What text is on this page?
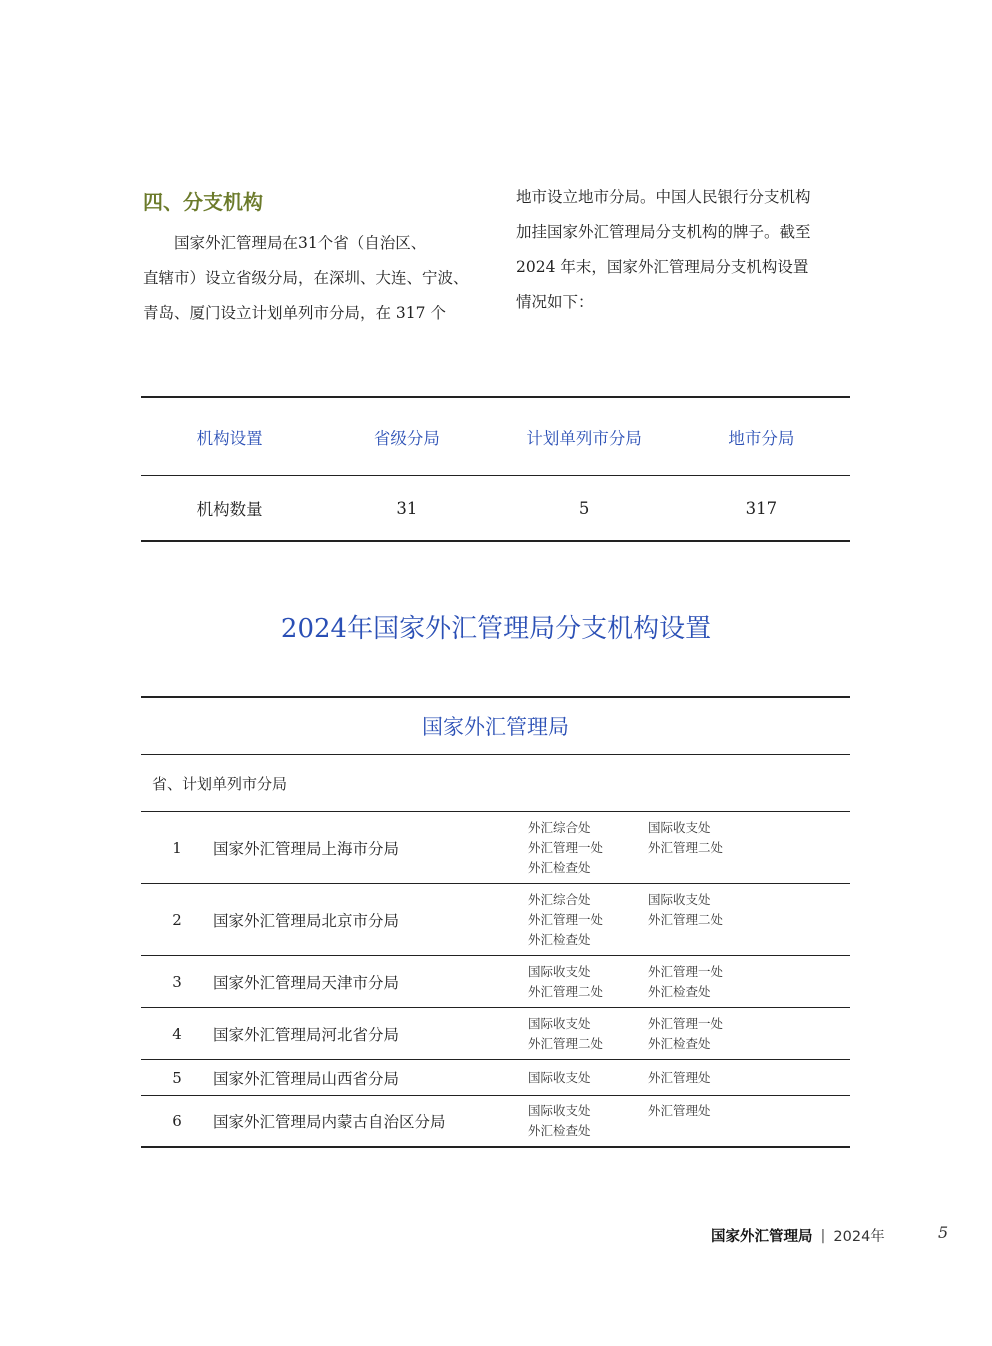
四、分支机构

国家外汇管理局在31个省（自治区、

直辖市）设立省级分局，在深圳、大连、宁波、

青岛、厦门设立计划单列市分局，在 317 个

地市设立地市分局。中国人民银行分支机构

加挂国家外汇管理局分支机构的牌子。截至

2024 年末，国家外汇管理局分支机构设置

情况如下：

机构设置	省级分局	计划单列市分局	地市分局
机构数量	31	5	317
2024年国家外汇管理局分支机构设置
国家外汇管理局
省、计划单列市分局
1	国家外汇管理局上海市分局
外汇综合处	国际收支处
外汇管理一处	外汇管理二处
外汇检查处
2	国家外汇管理局北京市分局
外汇综合处	国际收支处
外汇管理一处	外汇管理二处
外汇检查处
3	国家外汇管理局天津市分局
国际收支处	外汇管理一处
外汇管理二处	外汇检查处
4	国家外汇管理局河北省分局
国际收支处	外汇管理一处
外汇管理二处	外汇检查处
5	国家外汇管理局山西省分局	国际收支处	外汇管理处
6	国家外汇管理局内蒙古自治区分局
国际收支处	外汇管理处
外汇检查处
国家外汇管理局 | 2024年	5
